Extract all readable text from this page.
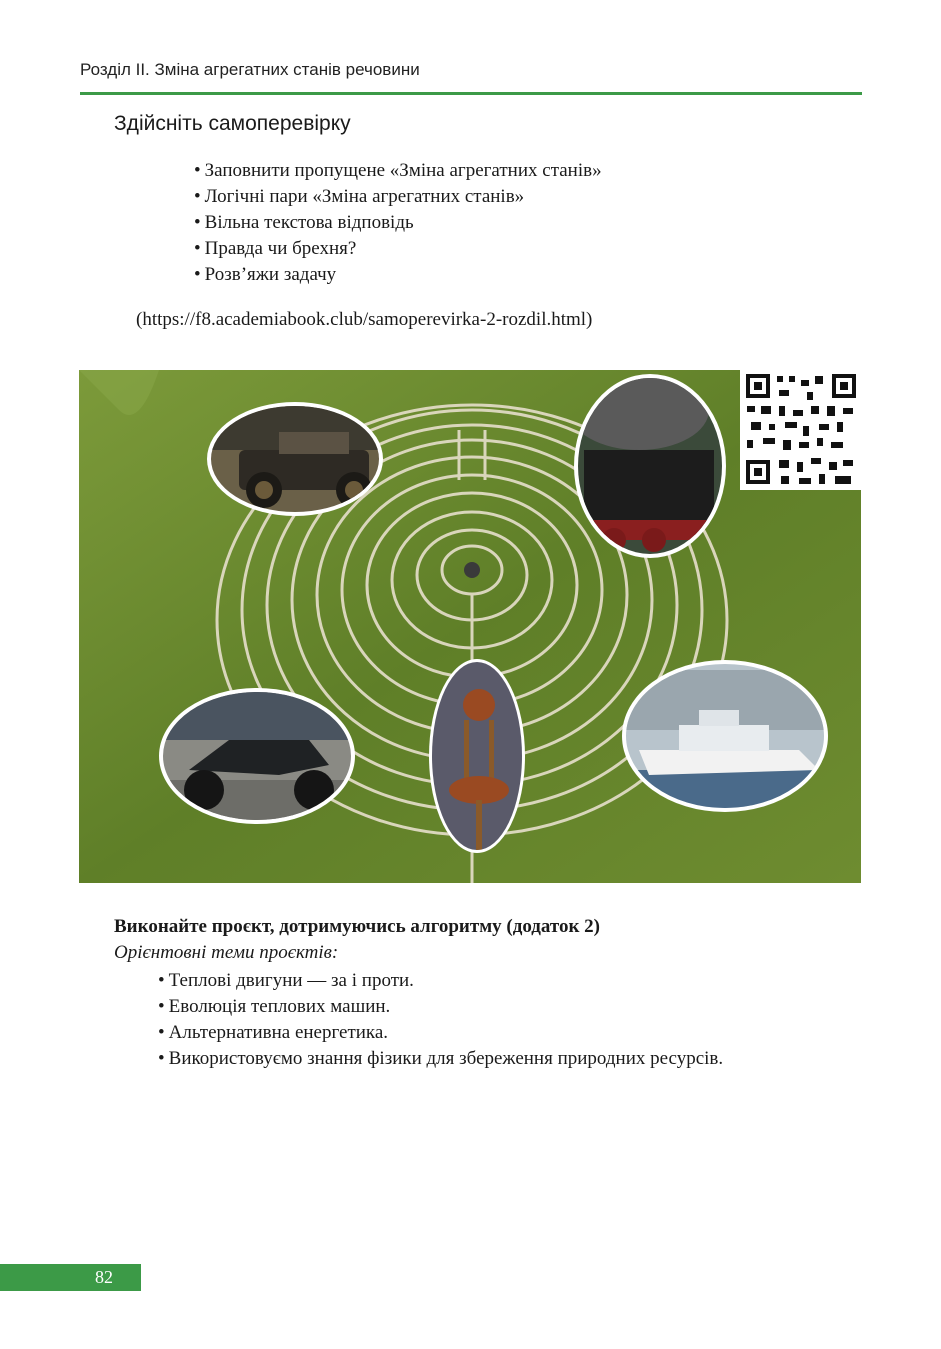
Розділ ІІ. Зміна агрегатних станів речовини
Здійсніть самоперевірку
• Заповнити пропущене «Зміна агрегатних станів»
• Логічні пари «Зміна агрегатних станів»
• Вільна текстова відповідь
• Правда чи брехня?
• Розв’яжи задачу
(https://f8.academiabook.club/samoperevirka-2-rozdil.html)
Виконайте проєкт, дотримуючись алгоритму (додаток 2)
Орієнтовні теми проєктів:
• Теплові двигуни — за і проти.
• Еволюція теплових машин.
• Альтернативна енергетика.
• Використовуємо знання фізики для збереження природних ресурсів.
82
